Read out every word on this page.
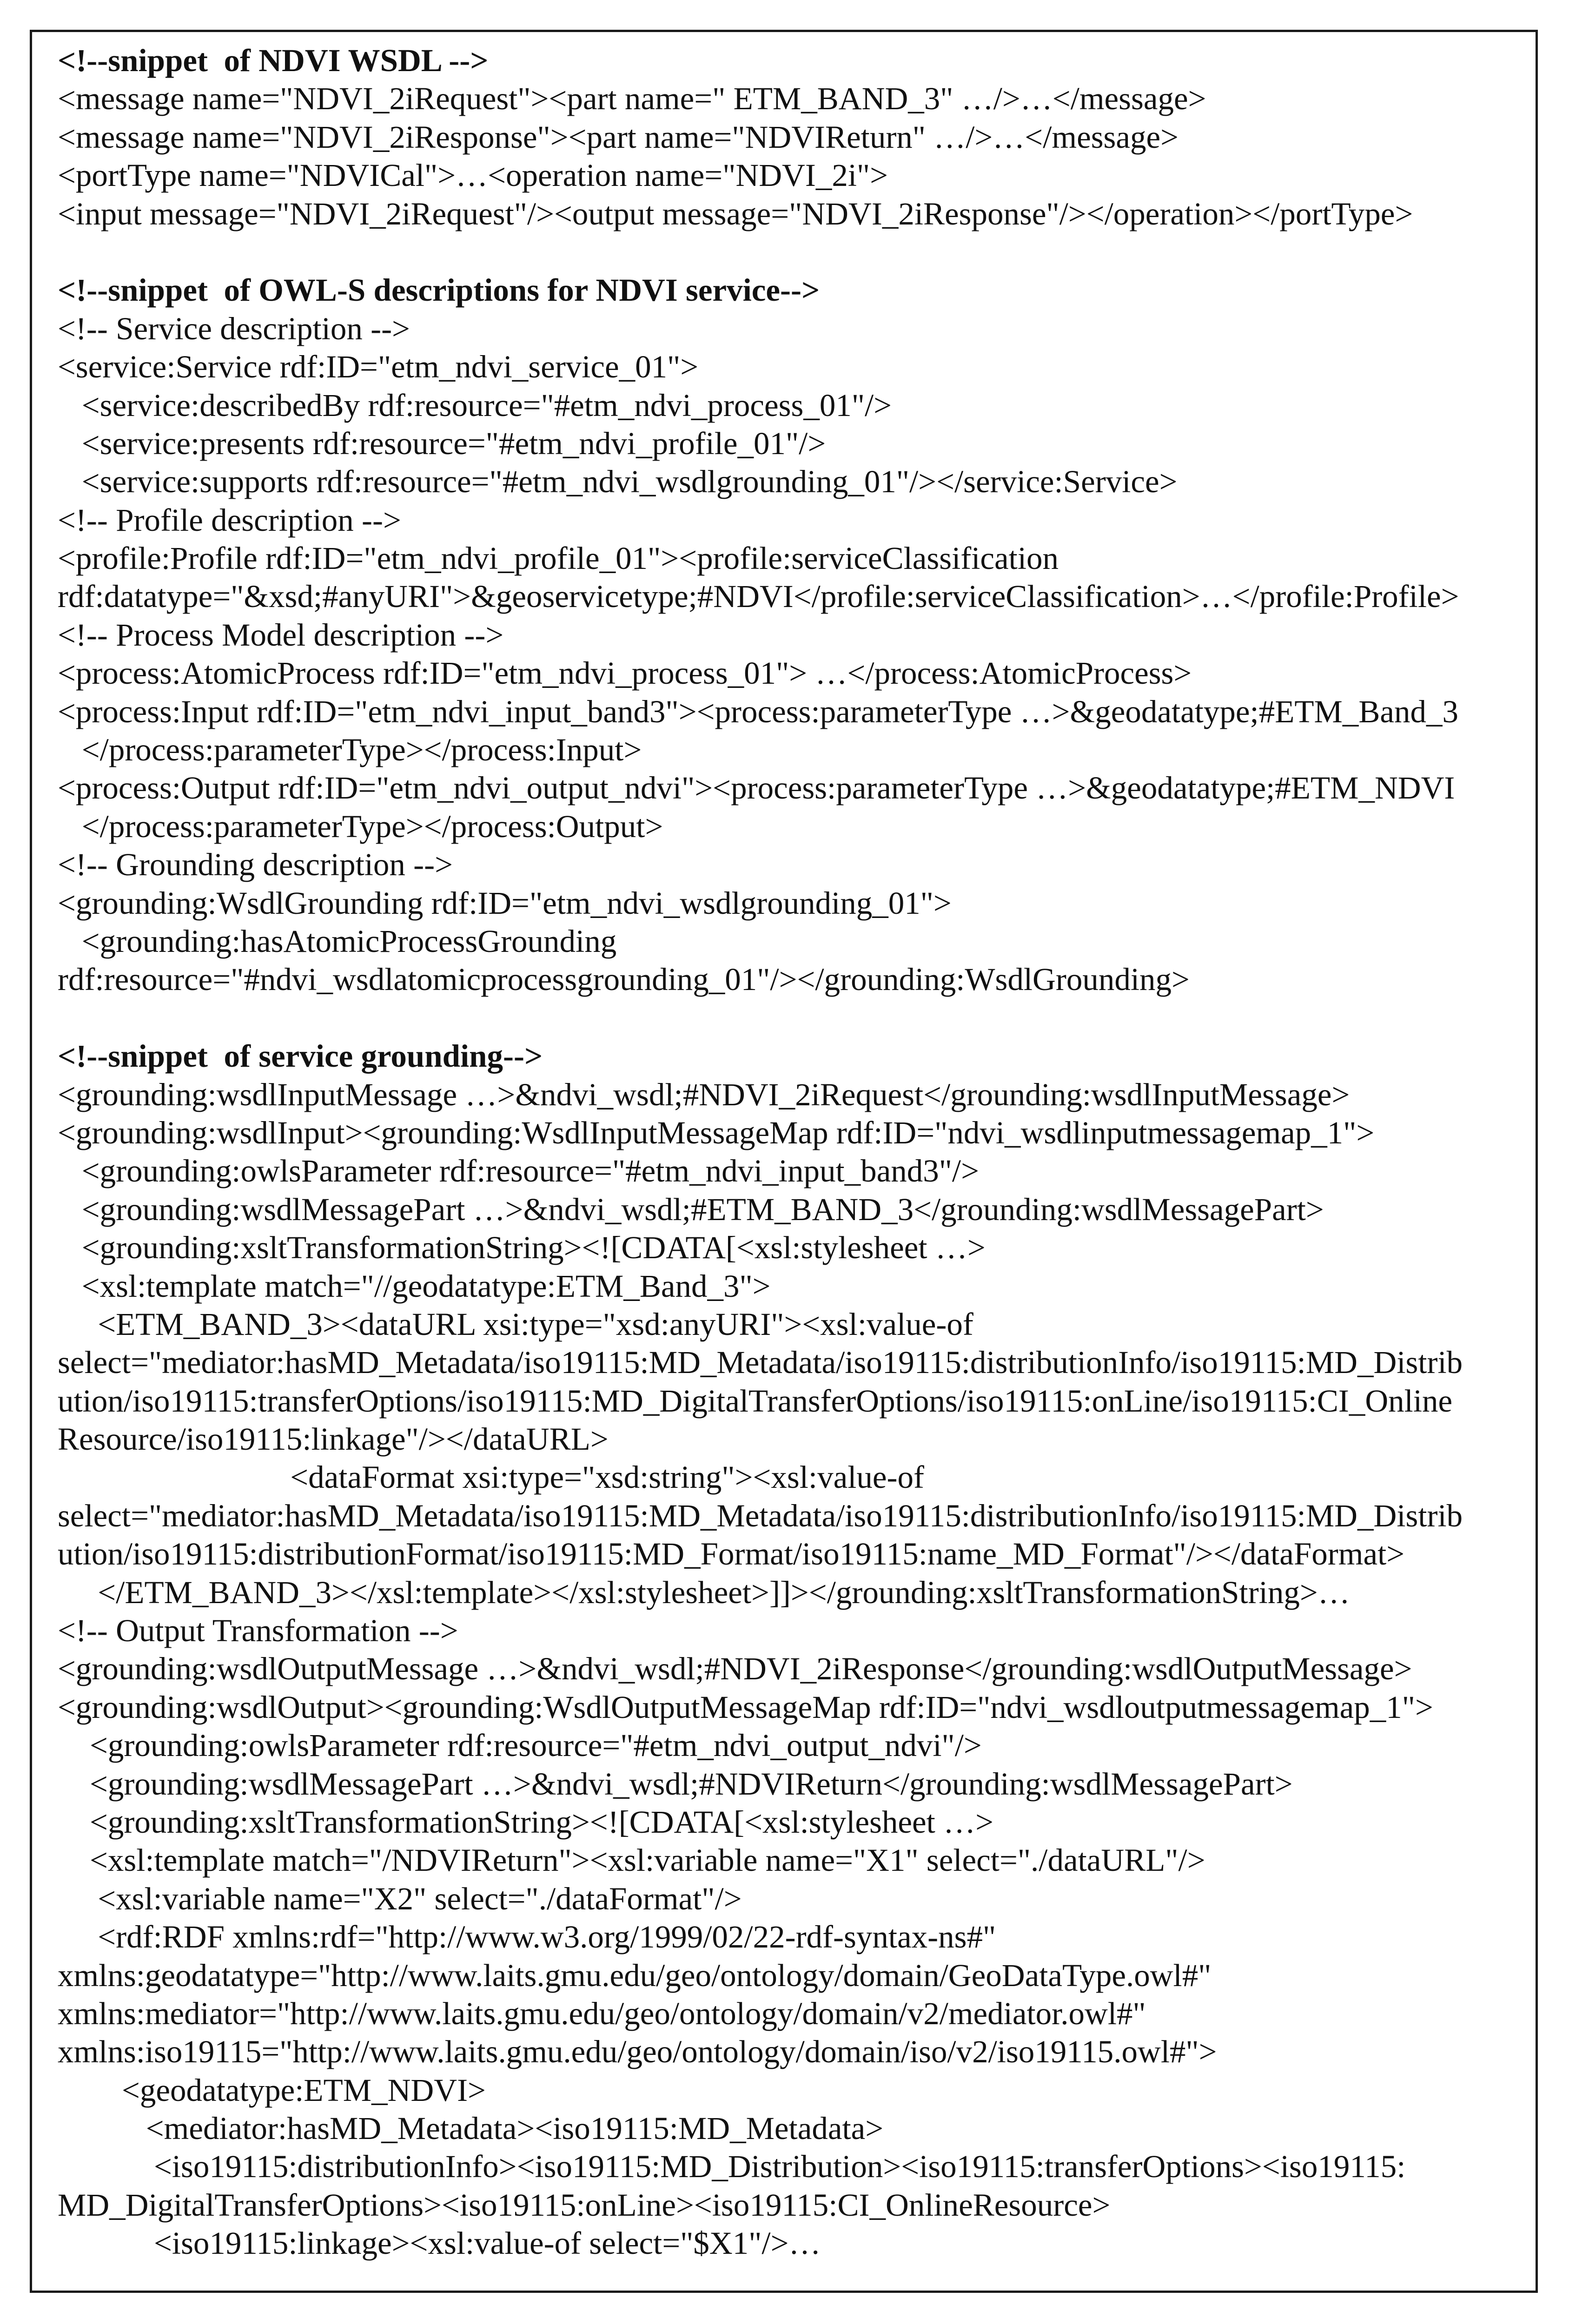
<!--snippet  of NDVI WSDL -->
<message name="NDVI_2iRequest"><part name=" ETM_BAND_3" …/>…</message>
<message name="NDVI_2iResponse"><part name="NDVIReturn" …/>…</message>
<portType name="NDVICal">…<operation name="NDVI_2i">
<input message="NDVI_2iRequest"/><output message="NDVI_2iResponse"/></operation></portType>
<!--snippet  of OWL-S descriptions for NDVI service-->
<!-- Service description -->
<service:Service rdf:ID="etm_ndvi_service_01">
<service:describedBy rdf:resource="#etm_ndvi_process_01"/>
<service:presents rdf:resource="#etm_ndvi_profile_01"/>
<service:supports rdf:resource="#etm_ndvi_wsdlgrounding_01"/></service:Service>
<!-- Profile description -->
<profile:Profile rdf:ID="etm_ndvi_profile_01"><profile:serviceClassification
rdf:datatype="&xsd;#anyURI">&geoservicetype;#NDVI</profile:serviceClassification>…</profile:Profile>
<!-- Process Model description -->
<process:AtomicProcess rdf:ID="etm_ndvi_process_01"> …</process:AtomicProcess>
<process:Input rdf:ID="etm_ndvi_input_band3"><process:parameterType …>&geodatatype;#ETM_Band_3
</process:parameterType></process:Input>
<process:Output rdf:ID="etm_ndvi_output_ndvi"><process:parameterType …>&geodatatype;#ETM_NDVI
</process:parameterType></process:Output>
<!-- Grounding description -->
<grounding:WsdlGrounding rdf:ID="etm_ndvi_wsdlgrounding_01">
<grounding:hasAtomicProcessGrounding
rdf:resource="#ndvi_wsdlatomicprocessgrounding_01"/></grounding:WsdlGrounding>
<!--snippet  of service grounding-->
<grounding:wsdlInputMessage …>&ndvi_wsdl;#NDVI_2iRequest</grounding:wsdlInputMessage>
<grounding:wsdlInput><grounding:WsdlInputMessageMap rdf:ID="ndvi_wsdlinputmessagemap_1">
<grounding:owlsParameter rdf:resource="#etm_ndvi_input_band3"/>
<grounding:wsdlMessagePart …>&ndvi_wsdl;#ETM_BAND_3</grounding:wsdlMessagePart>
<grounding:xsltTransformationString><![CDATA[<xsl:stylesheet …>
<xsl:template match="//geodatatype:ETM_Band_3">
<ETM_BAND_3><dataURL xsi:type="xsd:anyURI"><xsl:value-of
select="mediator:hasMD_Metadata/iso19115:MD_Metadata/iso19115:distributionInfo/iso19115:MD_Distrib
ution/iso19115:transferOptions/iso19115:MD_DigitalTransferOptions/iso19115:onLine/iso19115:CI_Online
Resource/iso19115:linkage"/></dataURL>
<dataFormat xsi:type="xsd:string"><xsl:value-of
select="mediator:hasMD_Metadata/iso19115:MD_Metadata/iso19115:distributionInfo/iso19115:MD_Distrib
ution/iso19115:distributionFormat/iso19115:MD_Format/iso19115:name_MD_Format"/></dataFormat>
</ETM_BAND_3></xsl:template></xsl:stylesheet>]]></grounding:xsltTransformationString>…
<!-- Output Transformation -->
<grounding:wsdlOutputMessage …>&ndvi_wsdl;#NDVI_2iResponse</grounding:wsdlOutputMessage>
<grounding:wsdlOutput><grounding:WsdlOutputMessageMap rdf:ID="ndvi_wsdloutputmessagemap_1">
<grounding:owlsParameter rdf:resource="#etm_ndvi_output_ndvi"/>
<grounding:wsdlMessagePart …>&ndvi_wsdl;#NDVIReturn</grounding:wsdlMessagePart>
<grounding:xsltTransformationString><![CDATA[<xsl:stylesheet …>
<xsl:template match="/NDVIReturn"><xsl:variable name="X1" select="./dataURL"/>
<xsl:variable name="X2" select="./dataFormat"/>
<rdf:RDF xmlns:rdf="http://www.w3.org/1999/02/22-rdf-syntax-ns#"
xmlns:geodatatype="http://www.laits.gmu.edu/geo/ontology/domain/GeoDataType.owl#"
xmlns:mediator="http://www.laits.gmu.edu/geo/ontology/domain/v2/mediator.owl#"
xmlns:iso19115="http://www.laits.gmu.edu/geo/ontology/domain/iso/v2/iso19115.owl#">
<geodatatype:ETM_NDVI>
<mediator:hasMD_Metadata><iso19115:MD_Metadata>
<iso19115:distributionInfo><iso19115:MD_Distribution><iso19115:transferOptions><iso19115:
MD_DigitalTransferOptions><iso19115:onLine><iso19115:CI_OnlineResource>
<iso19115:linkage><xsl:value-of select="$X1"/>…
